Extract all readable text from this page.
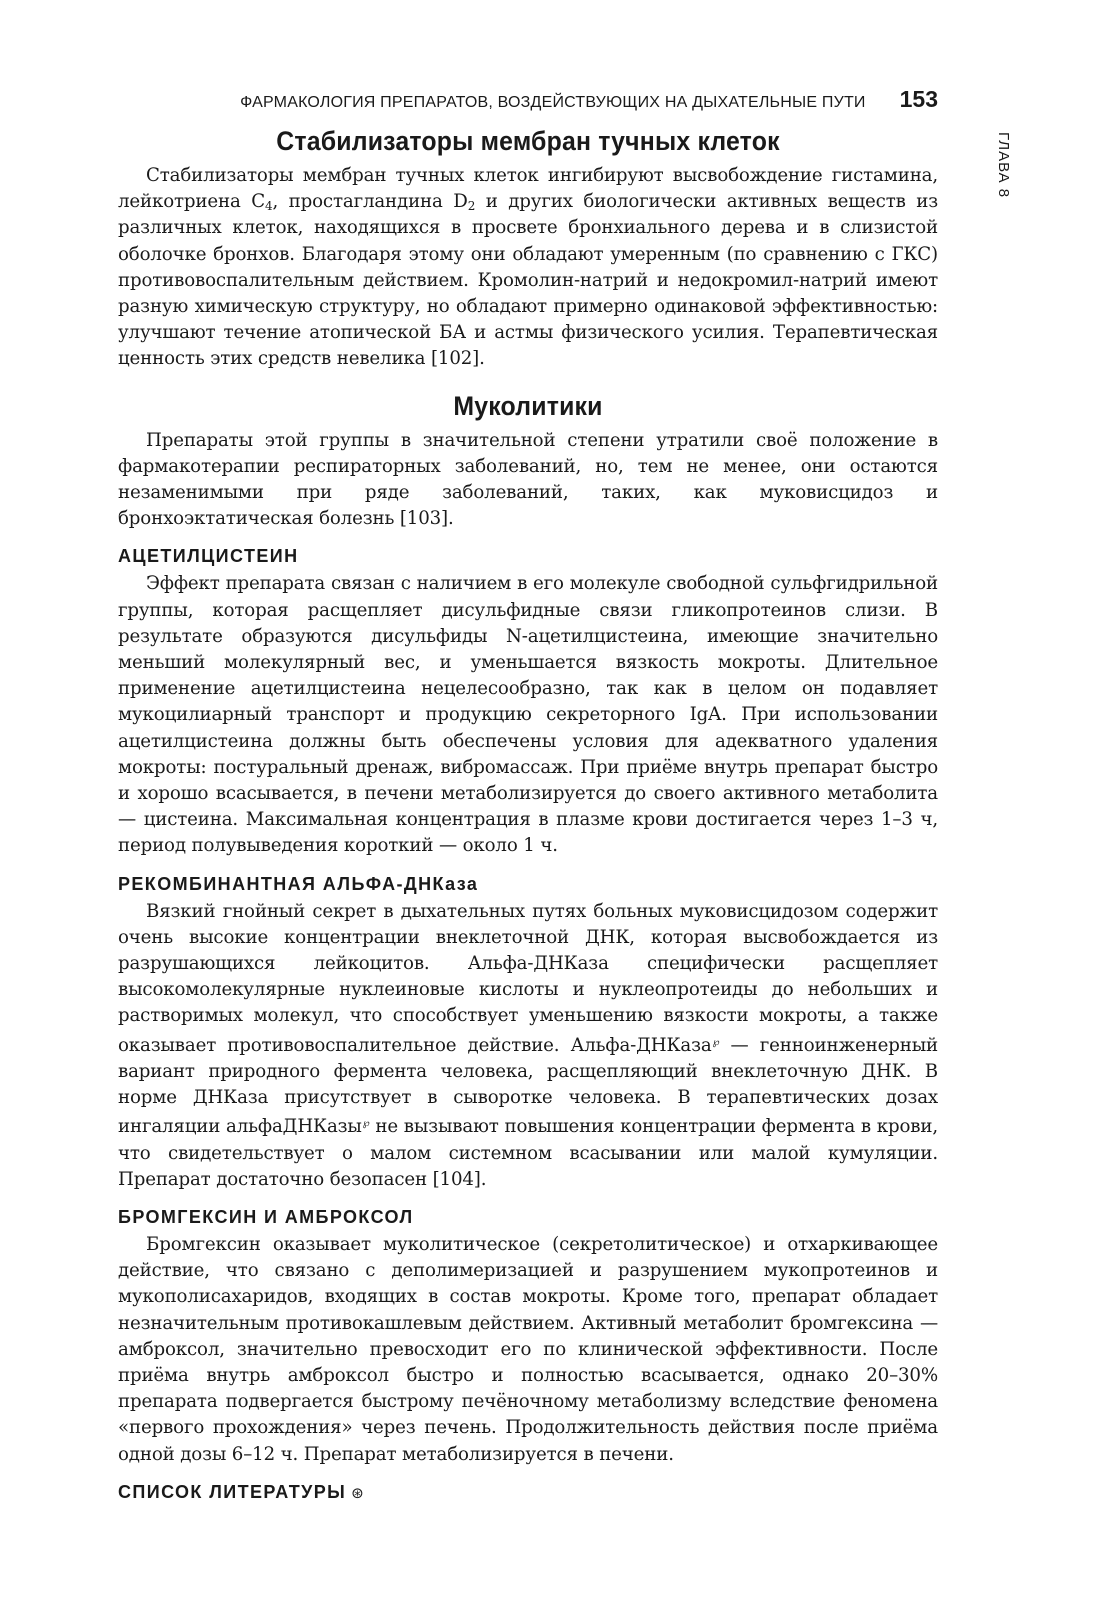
ГЛАВА 8
ФАРМАКОЛОГИЯ ПРЕПАРАТОВ, ВОЗДЕЙСТВУЮЩИХ НА ДЫХАТЕЛЬНЫЕ ПУТИ 153
Стабилизаторы мембран тучных клеток

Стабилизаторы мембран тучных клеток ингибируют высвобождение гистамина, лейкотриена $С_4$, простагландина $D_2$ и других биологически активных веществ из различных клеток, находящихся в просвете бронхиального дерева и в слизистой оболочке бронхов. Благодаря этому они обладают умеренным (по сравнению с ГКС) противовоспалительным действием. Кромолин-натрий и недокромил-натрий имеют разную химическую структуру, но обладают примерно одинаковой эффективностью: улучшают течение атопической БА и астмы физического усилия. Терапевтическая ценность этих средств невелика [102].

Муколитики

Препараты этой группы в значительной степени утратили своё положение в фармакотерапии респираторных заболеваний, но, тем не менее, они остаются незаменимыми при ряде заболеваний, таких, как муковисцидоз и бронхоэктатическая болезнь [103].

АЦЕТИЛЦИСТЕИН

Эффект препарата связан с наличием в его молекуле свободной сульфгидрильной группы, которая расщепляет дисульфидные связи гликопротеинов слизи. В результате образуются дисульфиды N-ацетилцистеина, имеющие значительно меньший молекулярный вес, и уменьшается вязкость мокроты. Длительное применение ацетилцистеина нецелесообразно, так как в целом он подавляет мукоцилиарный транспорт и продукцию секреторного IgA. При использовании ацетилцистеина должны быть обеспечены условия для адекватного удаления мокроты: постуральный дренаж, вибромассаж. При приёме внутрь препарат быстро и хорошо всасывается, в печени метаболизируется до своего активного метаболита — цистеина. Максимальная концентрация в плазме крови достигается через 1–3 ч, период полувыведения короткий — около 1 ч.

РЕКОМБИНАНТНАЯ АЛЬФА-ДНКаза

Вязкий гнойный секрет в дыхательных путях больных муковисцидозом содержит очень высокие концентрации внеклеточной ДНК, которая высвобождается из разрушающихся лейкоцитов. Альфа-ДНКаза специфически расщепляет высокомолекулярные нуклеиновые кислоты и нуклеопротеиды до небольших и растворимых молекул, что способствует уменьшению вязкости мокроты, а также оказывает противовоспалительное действие. Альфа-ДНКаза℘ — генноинженерный вариант природного фермента человека, расщепляющий внеклеточную ДНК. В норме ДНКаза присутствует в сыворотке человека. В терапевтических дозах ингаляции альфаДНКазы℘ не вызывают повышения концентрации фермента в крови, что свидетельствует о малом системном всасывании или малой кумуляции. Препарат достаточно безопасен [104].

БРОМГЕКСИН И АМБРОКСОЛ

Бромгексин оказывает муколитическое (секретолитическое) и отхаркивающее действие, что связано с деполимеризацией и разрушением мукопротеинов и мукополисахаридов, входящих в состав мокроты. Кроме того, препарат обладает незначительным противокашлевым действием. Активный метаболит бромгексина — амброксол, значительно превосходит его по клинической эффективности. После приёма внутрь амброксол быстро и полностью всасывается, однако 20–30% препарата подвергается быстрому печёночному метаболизму вследствие феномена «первого прохождения» через печень. Продолжительность действия после приёма одной дозы 6–12 ч. Препарат метаболизируется в печени.

СПИСОК ЛИТЕРАТУРЫ ⊛
